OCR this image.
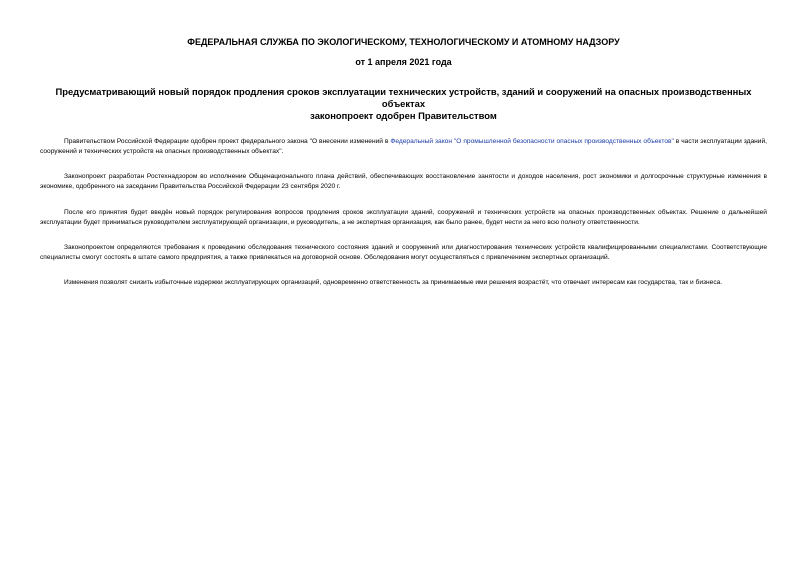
ФЕДЕРАЛЬНАЯ СЛУЖБА ПО ЭКОЛОГИЧЕСКОМУ, ТЕХНОЛОГИЧЕСКОМУ И АТОМНОМУ НАДЗОРУ
от 1 апреля 2021 года
Предусматривающий новый порядок продления сроков эксплуатации технических устройств, зданий и сооружений на опасных производственных объектах
законопроект одобрен Правительством

Правительством Российской Федерации одобрен проект федерального закона "О внесении изменений в Федеральный закон "О промышленной безопасности опасных производственных объектов" в части эксплуатации зданий, сооружений и технических устройств на опасных производственных объектах".

Законопроект разработан Ростехнадзором во исполнение Общенационального плана действий, обеспечивающих восстановление занятости и доходов населения, рост экономики и долгосрочные структурные изменения в экономике, одобренного на заседании Правительства Российской Федерации 23 сентября 2020 г.

После его принятия будет введён новый порядок регулирования вопросов продления сроков эксплуатации зданий, сооружений и технических устройств на опасных производственных объектах. Решение о дальнейшей эксплуатации будет приниматься руководителем эксплуатирующей организации, и руководитель, а не экспертная организация, как было ранее, будет нести за него всю полноту ответственности.

Законопроектом определяются требования к проведению обследования технического состояния зданий и сооружений или диагностирования технических устройств квалифицированными специалистами. Соответствующие специалисты смогут состоять в штате самого предприятия, а также привлекаться на договорной основе. Обследования могут осуществляться с привлечением экспертных организаций.

Изменения позволят снизить избыточные издержки эксплуатирующих организаций, одновременно ответственность за принимаемые ими решения возрастёт, что отвечает интересам как государства, так и бизнеса.
